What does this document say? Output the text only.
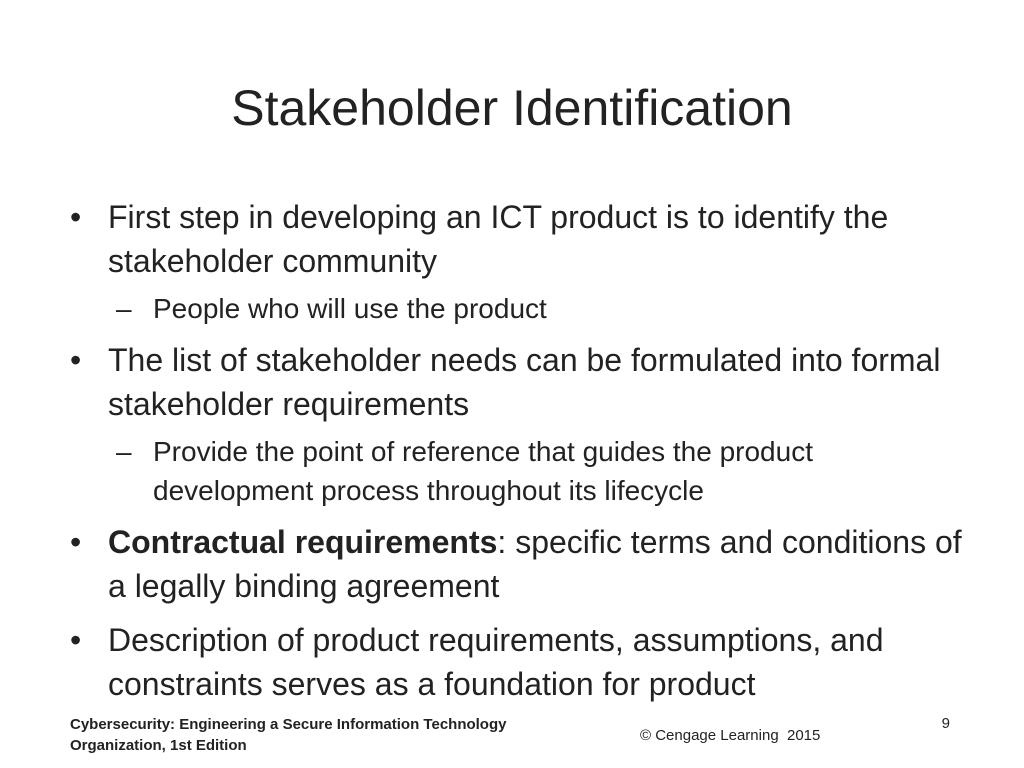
Stakeholder Identification
• First step in developing an ICT product is to identify the stakeholder community
– People who will use the product
• The list of stakeholder needs can be formulated into formal stakeholder requirements
– Provide the point of reference that guides the product development process throughout its lifecycle
• Contractual requirements: specific terms and conditions of a legally binding agreement
• Description of product requirements, assumptions, and constraints serves as a foundation for product
Cybersecurity: Engineering a Secure Information Technology
Organization, 1st Edition
© Cengage Learning  2015
9
